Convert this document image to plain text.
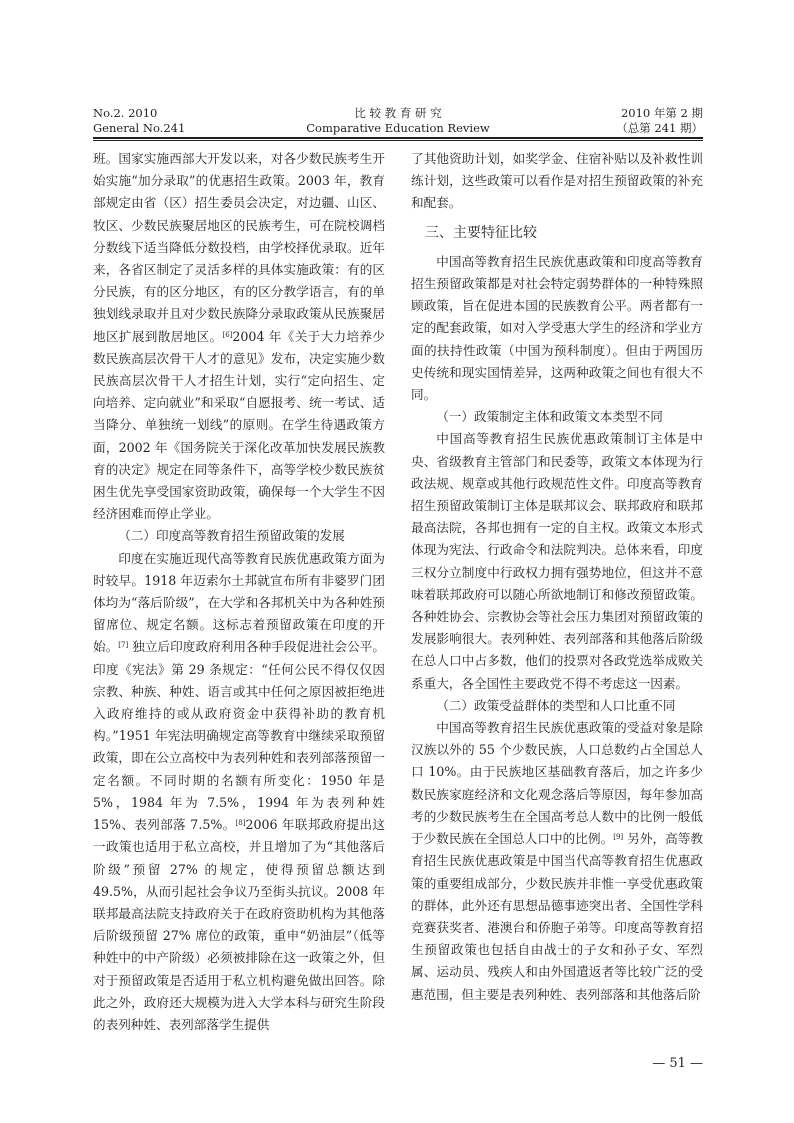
No.2. 2010
General No.241
比 较 教 育 研 究
Comparative Education Review
2010 年第 2 期
（总第 241 期）

班。国家实施西部大开发以来，对各少数民族考生开始实施“加分录取”的优惠招生政策。2003 年，教育部规定由省（区）招生委员会决定，对边疆、山区、牧区、少数民族聚居地区的民族考生，可在院校调档分数线下适当降低分数投档，由学校择优录取。近年来，各省区制定了灵活多样的具体实施政策：有的区分民族，有的区分地区，有的区分教学语言，有的单独划线录取并且对少数民族降分录取政策从民族聚居地区扩展到散居地区。[6]2004 年《关于大力培养少数民族高层次骨干人才的意见》发布，决定实施少数民族高层次骨干人才招生计划，实行“定向招生、定向培养、定向就业”和采取“自愿报考、统一考试、适当降分、单独统一划线”的原则。在学生待遇政策方面，2002 年《国务院关于深化改革加快发展民族教育的决定》规定在同等条件下，高等学校少数民族贫困生优先享受国家资助政策，确保每一个大学生不因经济困难而停止学业。

（二）印度高等教育招生预留政策的发展

印度在实施近现代高等教育民族优惠政策方面为时较早。1918 年迈索尔土邦就宣布所有非婆罗门团体均为“落后阶级”，在大学和各邦机关中为各种姓预留席位、规定名额。这标志着预留政策在印度的开始。[7] 独立后印度政府利用各种手段促进社会公平。印度《宪法》第 29 条规定：“任何公民不得仅仅因宗教、种族、种姓、语言或其中任何之原因被拒绝进入政府维持的或从政府资金中获得补助的教育机构。”1951 年宪法明确规定高等教育中继续采取预留政策，即在公立高校中为表列种姓和表列部落预留一定名额。不同时期的名额有所变化：1950 年是 5%，1984 年为 7.5%，1994 年为表列种姓 15%、表列部落 7.5%。[8]2006 年联邦政府提出这一政策也适用于私立高校，并且增加了为“其他落后阶级”预留 27% 的规定，使得预留总额达到 49.5%，从而引起社会争议乃至街头抗议。2008 年联邦最高法院支持政府关于在政府资助机构为其他落后阶级预留 27% 席位的政策，重申“奶油层”（低等种姓中的中产阶级）必须被排除在这一政策之外，但对于预留政策是否适用于私立机构避免做出回答。除此之外，政府还大规模为进入大学本科与研究生阶段的表列种姓、表列部落学生提供

了其他资助计划，如奖学金、住宿补贴以及补救性训练计划，这些政策可以看作是对招生预留政策的补充和配套。

三、主要特征比较

中国高等教育招生民族优惠政策和印度高等教育招生预留政策都是对社会特定弱势群体的一种特殊照顾政策，旨在促进本国的民族教育公平。两者都有一定的配套政策，如对入学受惠大学生的经济和学业方面的扶持性政策（中国为预科制度）。但由于两国历史传统和现实国情差异，这两种政策之间也有很大不同。

（一）政策制定主体和政策文本类型不同

中国高等教育招生民族优惠政策制订主体是中央、省级教育主管部门和民委等，政策文本体现为行政法规、规章或其他行政规范性文件。印度高等教育招生预留政策制订主体是联邦议会、联邦政府和联邦最高法院，各邦也拥有一定的自主权。政策文本形式体现为宪法、行政命令和法院判决。总体来看，印度三权分立制度中行政权力拥有强势地位，但这并不意味着联邦政府可以随心所欲地制订和修改预留政策。各种姓协会、宗教协会等社会压力集团对预留政策的发展影响很大。表列种姓、表列部落和其他落后阶级在总人口中占多数，他们的投票对各政党选举成败关系重大，各全国性主要政党不得不考虑这一因素。

（二）政策受益群体的类型和人口比重不同

中国高等教育招生民族优惠政策的受益对象是除汉族以外的 55 个少数民族，人口总数约占全国总人口 10%。由于民族地区基础教育落后，加之许多少数民族家庭经济和文化观念落后等原因，每年参加高考的少数民族考生在全国高考总人数中的比例一般低于少数民族在全国总人口中的比例。[9] 另外，高等教育招生民族优惠政策是中国当代高等教育招生优惠政策的重要组成部分，少数民族并非惟一享受优惠政策的群体，此外还有思想品德事迹突出者、全国性学科竞赛获奖者、港澳台和侨胞子弟等。印度高等教育招生预留政策也包括自由战士的子女和孙子女、军烈属、运动员、残疾人和由外国遣返者等比较广泛的受惠范围，但主要是表列种姓、表列部落和其他落后阶

— 51 —
